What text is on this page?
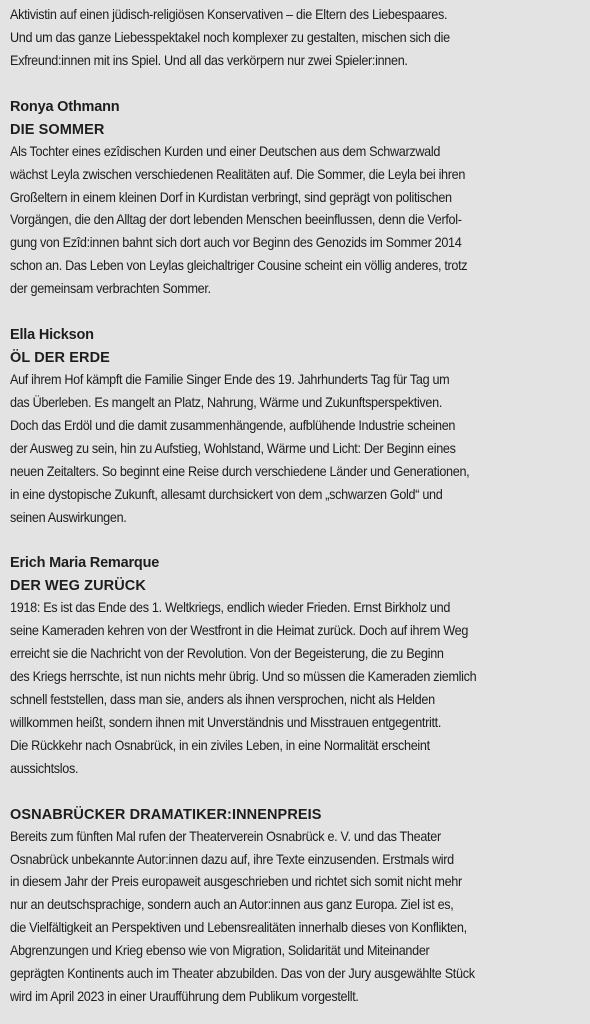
Aktivistin auf einen jüdisch-religiösen Konservativen – die Eltern des Liebespaares.
Und um das ganze Liebesspektakel noch komplexer zu gestalten, mischen sich die
Exfreund:innen mit ins Spiel. Und all das verkörpern nur zwei Spieler:innen.
Ronya Othmann
DIE SOMMER
Als Tochter eines ezîdischen Kurden und einer Deutschen aus dem Schwarzwald
wächst Leyla zwischen verschiedenen Realitäten auf. Die Sommer, die Leyla bei ihren
Großeltern in einem kleinen Dorf in Kurdistan verbringt, sind geprägt von politischen
Vorgängen, die den Alltag der dort lebenden Menschen beeinflussen, denn die Verfol-
gung von Ezîd:innen bahnt sich dort auch vor Beginn des Genozids im Sommer 2014
schon an. Das Leben von Leylas gleichaltriger Cousine scheint ein völlig anderes, trotz
der gemeinsam verbrachten Sommer.
Ella Hickson
ÖL DER ERDE
Auf ihrem Hof kämpft die Familie Singer Ende des 19. Jahrhunderts Tag für Tag um
das Überleben. Es mangelt an Platz, Nahrung, Wärme und Zukunftsperspektiven.
Doch das Erdöl und die damit zusammenhängende, aufblühende Industrie scheinen
der Ausweg zu sein, hin zu Aufstieg, Wohlstand, Wärme und Licht: Der Beginn eines
neuen Zeitalters. So beginnt eine Reise durch verschiedene Länder und Generationen,
in eine dystopische Zukunft, allesamt durchsickert von dem „schwarzen Gold“ und
seinen Auswirkungen.
Erich Maria Remarque
DER WEG ZURÜCK
1918: Es ist das Ende des 1. Weltkriegs, endlich wieder Frieden. Ernst Birkholz und
seine Kameraden kehren von der Westfront in die Heimat zurück. Doch auf ihrem Weg
erreicht sie die Nachricht von der Revolution. Von der Begeisterung, die zu Beginn
des Kriegs herrschte, ist nun nichts mehr übrig. Und so müssen die Kameraden ziemlich
schnell feststellen, dass man sie, anders als ihnen versprochen, nicht als Helden
willkommen heißt, sondern ihnen mit Unverständnis und Misstrauen entgegentritt.
Die Rückkehr nach Osnabrück, in ein ziviles Leben, in eine Normalität erscheint
aussichtslos.
OSNABRÜCKER DRAMATIKER:INNENPREIS
Bereits zum fünften Mal rufen der Theaterverein Osnabrück e. V. und das Theater
Osnabrück unbekannte Autor:innen dazu auf, ihre Texte einzusenden. Erstmals wird
in diesem Jahr der Preis europaweit ausgeschrieben und richtet sich somit nicht mehr
nur an deutschsprachige, sondern auch an Autor:innen aus ganz Europa. Ziel ist es,
die Vielfältigkeit an Perspektiven und Lebensrealitäten innerhalb dieses von Konflikten,
Abgrenzungen und Krieg ebenso wie von Migration, Solidarität und Miteinander
geprägten Kontinents auch im Theater abzubilden. Das von der Jury ausgewählte Stück
wird im April 2023 in einer Uraufführung dem Publikum vorgestellt.
